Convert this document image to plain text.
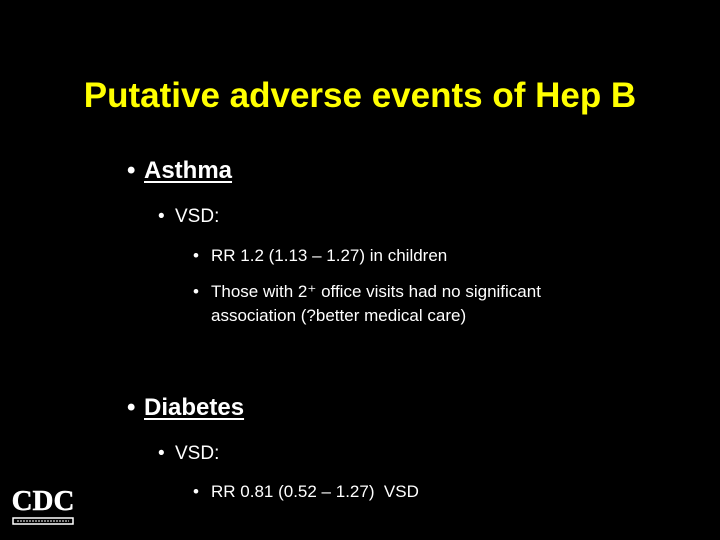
Putative adverse events of Hep B
• Asthma
• VSD:
• RR 1.2 (1.13 – 1.27) in children
• Those with 2⁺ office visits had no significant
association (?better medical care)
• Diabetes
• VSD:
• RR 0.81 (0.52 – 1.27)  VSD
CDC
